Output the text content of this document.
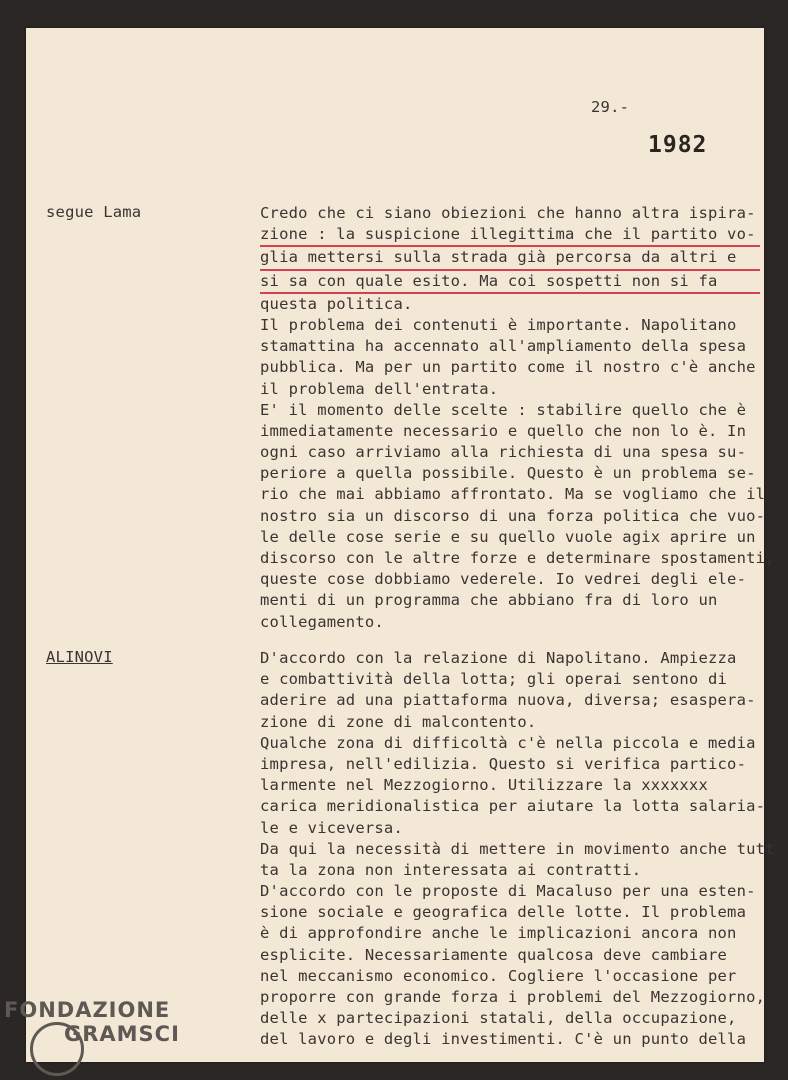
29.-
1982
segue Lama	Credo che ci siano obiezioni che hanno altra ispira-
zione : la suspicione illegittima che il partito vo-
glia mettersi sulla strada già percorsa da altri e
si sa con quale esito. Ma coi sospetti non si fa
questa politica.
Il problema dei contenuti è importante. Napolitano
stamattina ha accennato all'ampliamento della spesa
pubblica. Ma per un partito come il nostro c'è anche
il problema dell'entrata.
E' il momento delle scelte : stabilire quello che è
immediatamente necessario e quello che non lo è. In
ogni caso arriviamo alla richiesta di una spesa su-
periore a quella possibile. Questo è un problema se-
rio che mai abbiamo affrontato. Ma se vogliamo che il
nostro sia un discorso di una forza politica che vuo-
le delle cose serie e su quello vuole agix aprire un
discorso con le altre forze e determinare spostamenti,
queste cose dobbiamo vederele. Io vedrei degli ele-
menti di un programma che abbiano fra di loro un
collegamento.
ALINOVI	D'accordo con la relazione di Napolitano. Ampiezza
e combattività della lotta; gli operai sentono di
aderire ad una piattaforma nuova, diversa; esaspera-
zione di zone di malcontento.
Qualche zona di difficoltà c'è nella piccola e media
impresa, nell'edilizia. Questo si verifica partico-
larmente nel Mezzogiorno. Utilizzare la xxxxxxx
carica meridionalistica per aiutare la lotta salaria-
le e viceversa.
Da qui la necessità di mettere in movimento anche tutt
ta la zona non interessata ai contratti.
D'accordo con le proposte di Macaluso per una esten-
sione sociale e geografica delle lotte. Il problema
è di approfondire anche le implicazioni ancora non
esplicite. Necessariamente qualcosa deve cambiare
nel meccanismo economico. Cogliere l'occasione per
proporre con grande forza i problemi del Mezzogiorno,
delle x partecipazioni statali, della occupazione,
del lavoro e degli investimenti. C'è un punto della
FONDAZIONE
GRAMSCI
